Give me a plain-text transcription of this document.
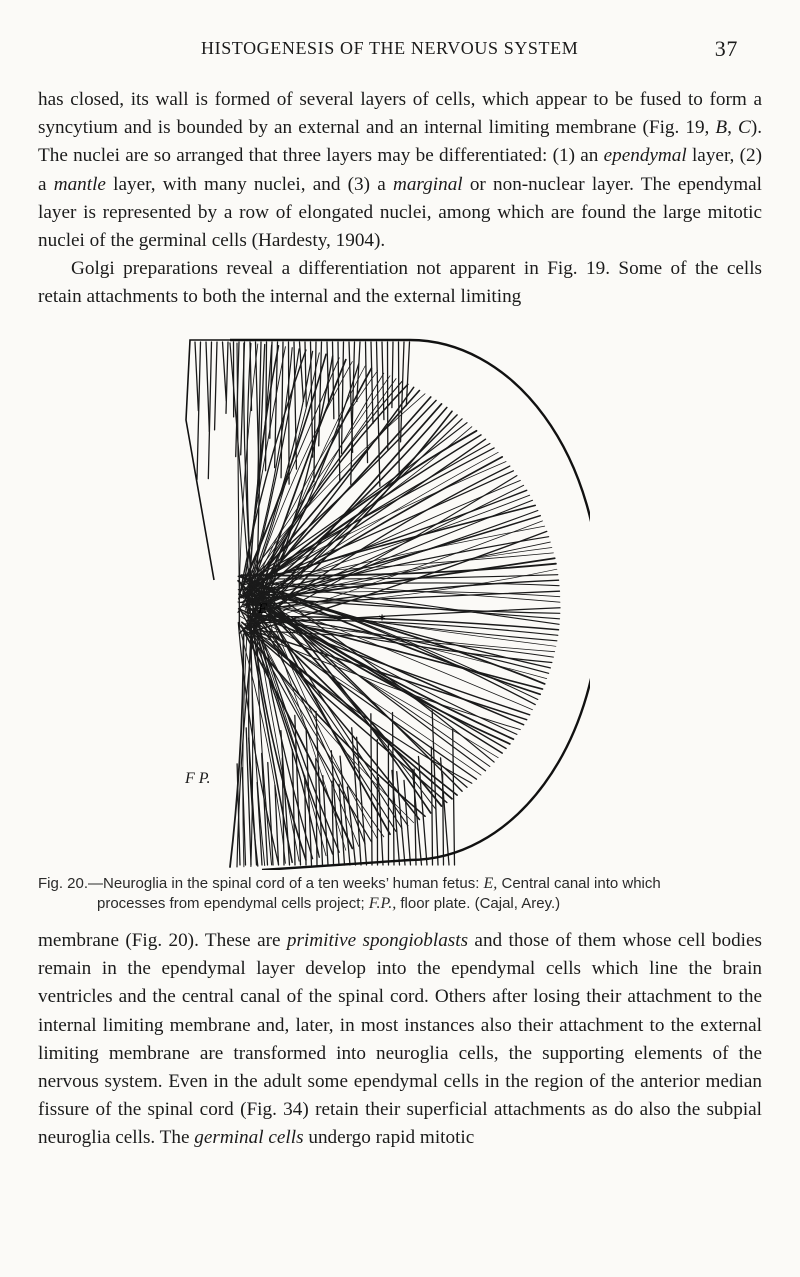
HISTOGENESIS OF THE NERVOUS SYSTEM	37

has closed, its wall is formed of several layers of cells, which appear to be fused to form a syncytium and is bounded by an external and an internal limiting membrane (Fig. 19, B, C). The nuclei are so arranged that three layers may be differentiated: (1) an ependymal layer, (2) a mantle layer, with many nuclei, and (3) a marginal or non-nuclear layer. The ependymal layer is represented by a row of elongated nuclei, among which are found the large mitotic nuclei of the germinal cells (Hardesty, 1904).

Golgi preparations reveal a differentiation not apparent in Fig. 19. Some of the cells retain attachments to both the internal and the external limiting

E
*
F P.
Fig. 20.—Neuroglia in the spinal cord of a ten weeks’ human fetus: E, Central canal into which
processes from ependymal cells project; F.P., floor plate. (Cajal, Arey.)

membrane (Fig. 20). These are primitive spongioblasts and those of them whose cell bodies remain in the ependymal layer develop into the ependymal cells which line the brain ventricles and the central canal of the spinal cord. Others after losing their attachment to the internal limiting membrane and, later, in most instances also their attachment to the external limiting membrane are transformed into neuroglia cells, the supporting elements of the nervous system. Even in the adult some ependymal cells in the region of the anterior median fissure of the spinal cord (Fig. 34) retain their superficial attachments as do also the subpial neuroglia cells. The germinal cells undergo rapid mitotic
